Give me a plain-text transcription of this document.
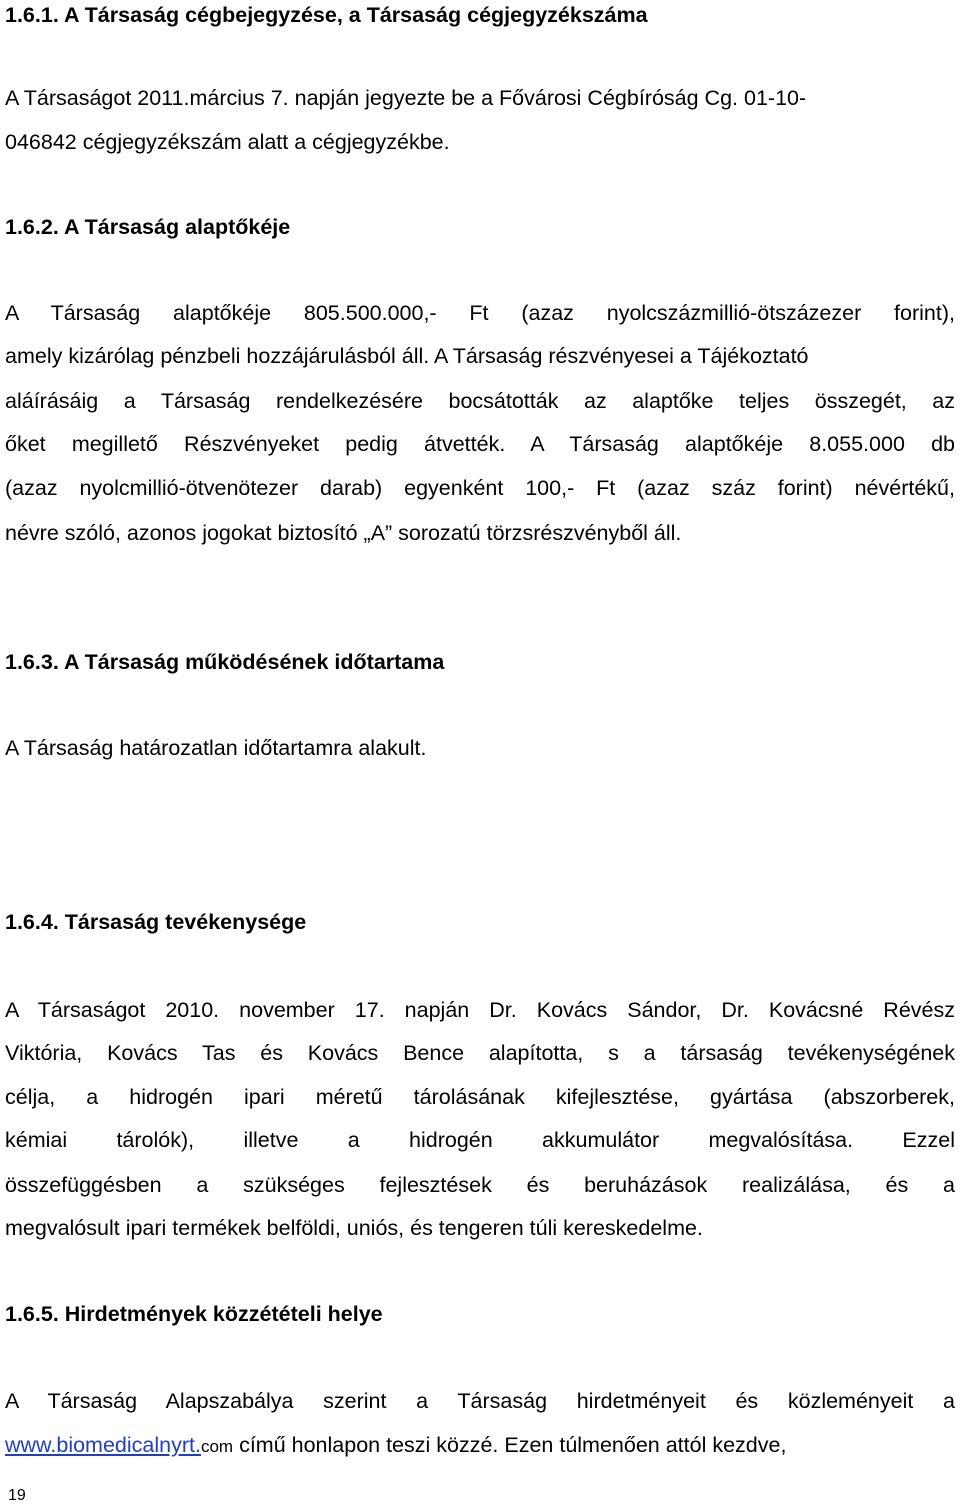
1.6.1. A Társaság cégbejegyzése, a Társaság cégjegyzékszáma
A Társaságot 2011.március 7. napján jegyezte be a Fővárosi Cégbíróság Cg. 01-10-
046842 cégjegyzékszám alatt a cégjegyzékbe.
1.6.2. A Társaság alaptőkéje
A Társaság alaptőkéje 805.500.000,- Ft (azaz nyolcszázmillió-ötszázezer forint),
amely kizárólag pénzbeli hozzájárulásból áll. A Társaság részvényesei a Tájékoztató
aláírásáig a Társaság rendelkezésére bocsátották az alaptőke teljes összegét, az
őket megillető Részvényeket pedig átvették. A Társaság alaptőkéje 8.055.000 db
(azaz nyolcmillió-ötvenötezer darab) egyenként 100,- Ft (azaz száz forint) névértékű,
névre szóló, azonos jogokat biztosító „A” sorozatú törzsrészvényből áll.
1.6.3. A Társaság működésének időtartama
A Társaság határozatlan időtartamra alakult.
1.6.4. Társaság tevékenysége
A Társaságot 2010. november 17. napján Dr. Kovács Sándor, Dr. Kovácsné Révész
Viktória, Kovács Tas és Kovács Bence alapította, s a társaság tevékenységének
célja, a hidrogén ipari méretű tárolásának kifejlesztése, gyártása (abszorberek,
kémiai tárolók), illetve a hidrogén akkumulátor megvalósítása. Ezzel
összefüggésben a szükséges fejlesztések és beruházások realizálása, és a
megvalósult ipari termékek belföldi, uniós, és tengeren túli kereskedelme.
1.6.5. Hirdetmények közzétételi helye
A Társaság Alapszabálya szerint a Társaság hirdetményeit és közleményeit a
www.biomedicalnyrt.com című honlapon teszi közzé. Ezen túlmenően attól kezdve,
19
